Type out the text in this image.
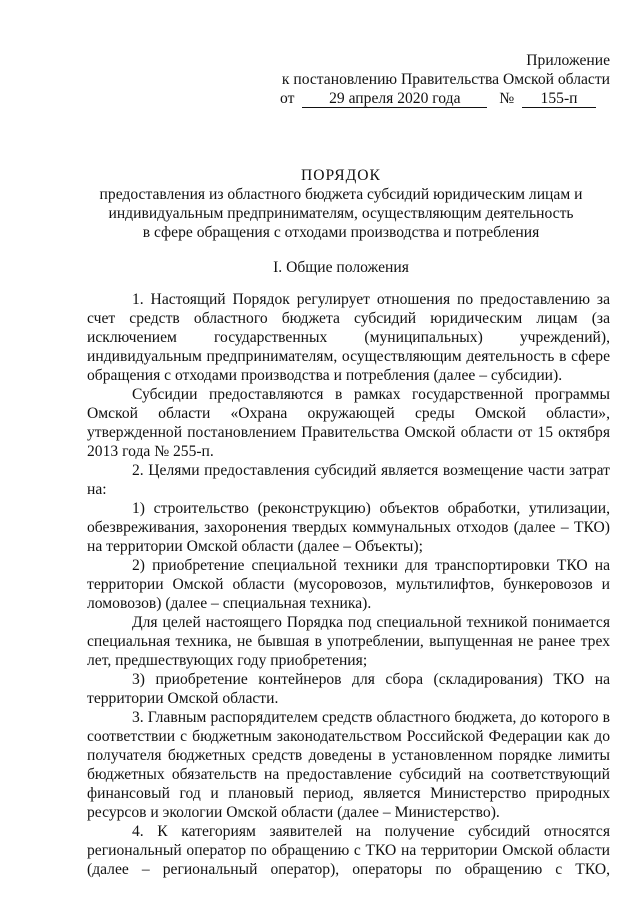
Приложение
к постановлению Правительства Омской области
от 29 апреля 2020 года № 155-п
ПОРЯДОК
предоставления из областного бюджета субсидий юридическим лицам и
индивидуальным предпринимателям, осуществляющим деятельность
в сфере обращения с отходами производства и потребления
I. Общие положения

1. Настоящий Порядок регулирует отношения по предоставлению за счет средств областного бюджета субсидий юридическим лицам (за исключением государственных (муниципальных) учреждений), индивидуальным предпринимателям, осуществляющим деятельность в сфере обращения с отходами производства и потребления (далее – субсидии).

Субсидии предоставляются в рамках государственной программы Омской области «Охрана окружающей среды Омской области», утвержденной постановлением Правительства Омской области от 15 октября 2013 года № 255-п.

2. Целями предоставления субсидий является возмещение части затрат на:

1) строительство (реконструкцию) объектов обработки, утилизации, обезвреживания, захоронения твердых коммунальных отходов (далее – ТКО) на территории Омской области (далее – Объекты);

2) приобретение специальной техники для транспортировки ТКО на территории Омской области (мусоровозов, мультилифтов, бункеровозов и ломовозов) (далее – специальная техника).

Для целей настоящего Порядка под специальной техникой понимается специальная техника, не бывшая в употреблении, выпущенная не ранее трех лет, предшествующих году приобретения;

3) приобретение контейнеров для сбора (складирования) ТКО на территории Омской области.

3. Главным распорядителем средств областного бюджета, до которого в соответствии с бюджетным законодательством Российской Федерации как до получателя бюджетных средств доведены в установленном порядке лимиты бюджетных обязательств на предоставление субсидий на соответствующий финансовый год и плановый период, является Министерство природных ресурсов и экологии Омской области (далее – Министерство).

4. К категориям заявителей на получение субсидий относятся региональный оператор по обращению с ТКО на территории Омской области (далее – региональный оператор), операторы по обращению с ТКО,
